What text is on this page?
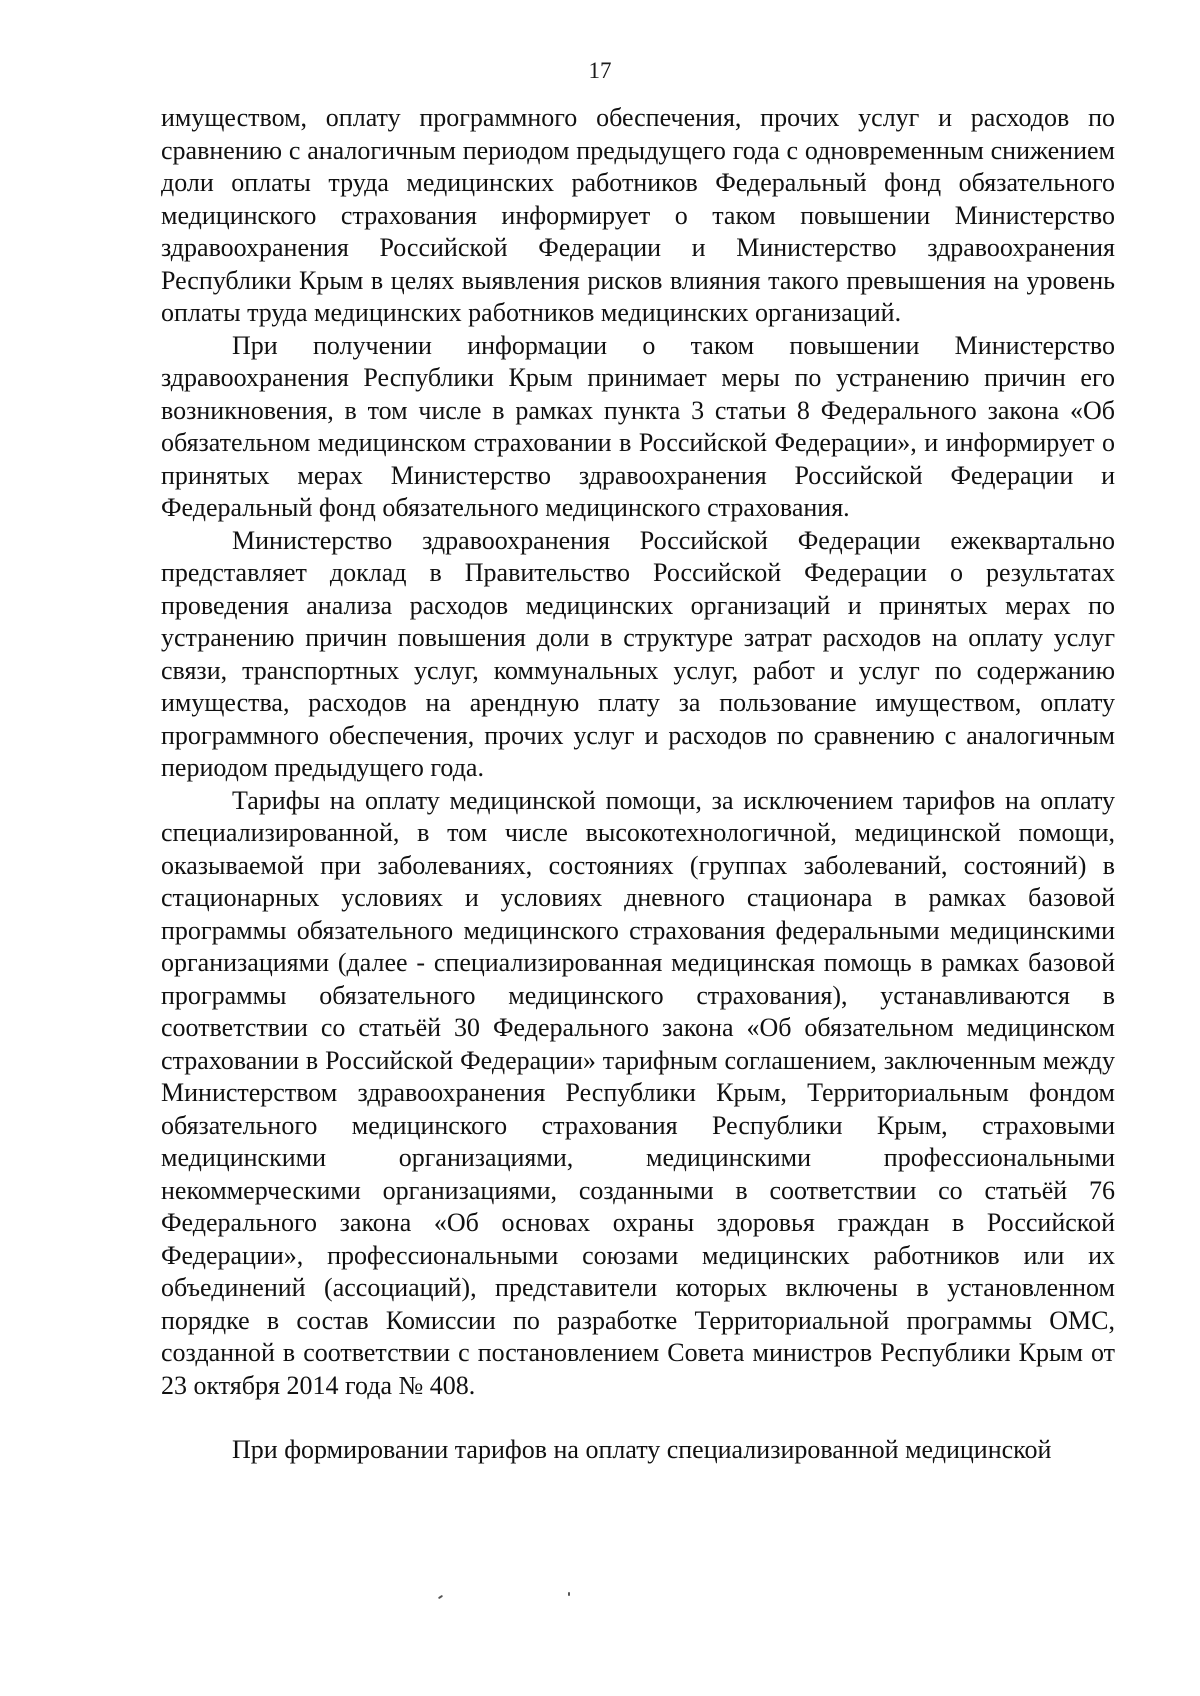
17

имуществом, оплату программного обеспечения, прочих услуг и расходов по сравнению с аналогичным периодом предыдущего года с одновременным снижением доли оплаты труда медицинских работников Федеральный фонд обязательного медицинского страхования информирует о таком повышении Министерство здравоохранения Российской Федерации и Министерство здравоохранения Республики Крым в целях выявления рисков влияния такого превышения на уровень оплаты труда медицинских работников медицинских организаций.

При получении информации о таком повышении Министерство здравоохранения Республики Крым принимает меры по устранению причин его возникновения, в том числе в рамках пункта 3 статьи 8 Федерального закона «Об обязательном медицинском страховании в Российской Федерации», и информирует о принятых мерах Министерство здравоохранения Российской Федерации и Федеральный фонд обязательного медицинского страхования.

Министерство здравоохранения Российской Федерации ежеквартально представляет доклад в Правительство Российской Федерации о результатах проведения анализа расходов медицинских организаций и принятых мерах по устранению причин повышения доли в структуре затрат расходов на оплату услуг связи, транспортных услуг, коммунальных услуг, работ и услуг по содержанию имущества, расходов на арендную плату за пользование имуществом, оплату программного обеспечения, прочих услуг и расходов по сравнению с аналогичным периодом предыдущего года.

Тарифы на оплату медицинской помощи, за исключением тарифов на оплату специализированной, в том числе высокотехнологичной, медицинской помощи, оказываемой при заболеваниях, состояниях (группах заболеваний, состояний) в стационарных условиях и условиях дневного стационара в рамках базовой программы обязательного медицинского страхования федеральными медицинскими организациями (далее - специализированная медицинская помощь в рамках базовой программы обязательного медицинского страхования), устанавливаются в соответствии со статьёй 30 Федерального закона «Об обязательном медицинском страховании в Российской Федерации» тарифным соглашением, заключенным между Министерством здравоохранения Республики Крым, Территориальным фондом обязательного медицинского страхования Республики Крым, страховыми медицинскими организациями, медицинскими профессиональными некоммерческими организациями, созданными в соответствии со статьёй 76 Федерального закона «Об основах охраны здоровья граждан в Российской Федерации», профессиональными союзами медицинских работников или их объединений (ассоциаций), представители которых включены в установленном порядке в состав Комиссии по разработке Территориальной программы ОМС, созданной в соответствии с постановлением Совета министров Республики Крым от 23 октября 2014 года № 408.

При формировании тарифов на оплату специализированной медицинской
